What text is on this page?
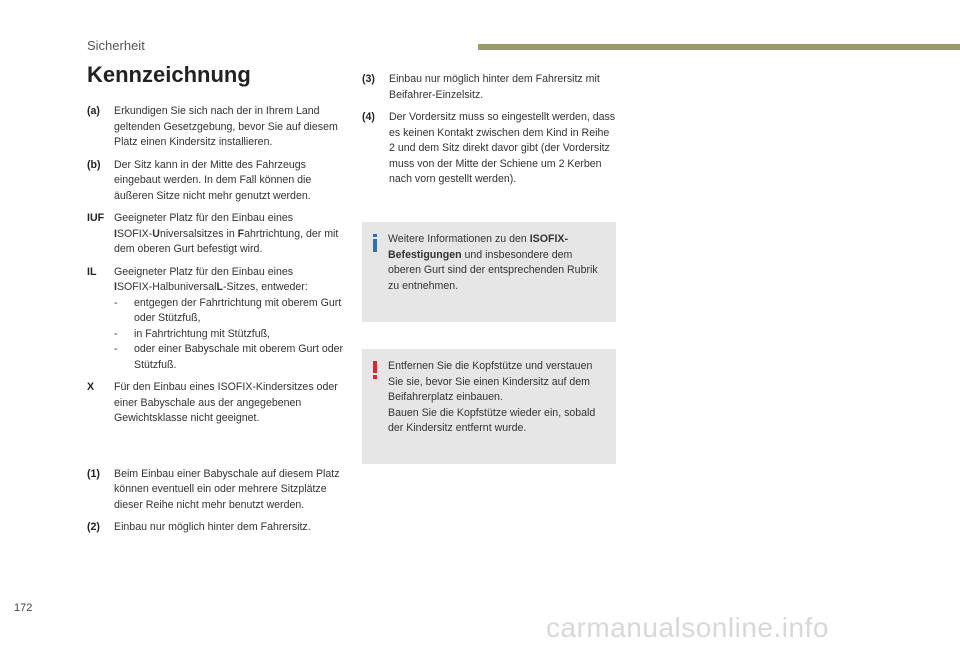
Sicherheit
Kennzeichnung
(a)	Erkundigen Sie sich nach der in Ihrem Land geltenden Gesetzgebung, bevor Sie auf diesem Platz einen Kindersitz installieren.
(b)	Der Sitz kann in der Mitte des Fahrzeugs eingebaut werden. In dem Fall können die äußeren Sitze nicht mehr genutzt werden.
IUF Geeigneter Platz für den Einbau eines
ISOFIX-Universalsitzes in Fahrtrichtung, der mit dem oberen Gurt befestigt wird.
IL	Geeigneter Platz für den Einbau eines
ISOFIX-HalbuniversalL-Sitzes, entweder:
-	entgegen der Fahrtrichtung mit oberem Gurt oder Stützfuß,
-	in Fahrtrichtung mit Stützfuß,
-	oder einer Babyschale mit oberem Gurt oder Stützfuß.
X	Für den Einbau eines ISOFIX-Kindersitzes oder einer Babyschale aus der angegebenen Gewichtsklasse nicht geeignet.
(1)	Beim Einbau einer Babyschale auf diesem Platz können eventuell ein oder mehrere Sitzplätze dieser Reihe nicht mehr benutzt werden.
(2)	Einbau nur möglich hinter dem Fahrersitz.
(3)	Einbau nur möglich hinter dem Fahrersitz mit Beifahrer-Einzelsitz.
(4)	Der Vordersitz muss so eingestellt werden, dass es keinen Kontakt zwischen dem Kind in Reihe 2 und dem Sitz direkt davor gibt (der Vordersitz muss von der Mitte der Schiene um 2 Kerben nach vorn gestellt werden).
Weitere Informationen zu den ISOFIX-Befestigungen und insbesondere dem oberen Gurt sind der entsprechenden Rubrik zu entnehmen.
Entfernen Sie die Kopfstütze und verstauen Sie sie, bevor Sie einen Kindersitz auf dem Beifahrerplatz einbauen.
Bauen Sie die Kopfstütze wieder ein, sobald der Kindersitz entfernt wurde.
172
carmanualsonline.info
